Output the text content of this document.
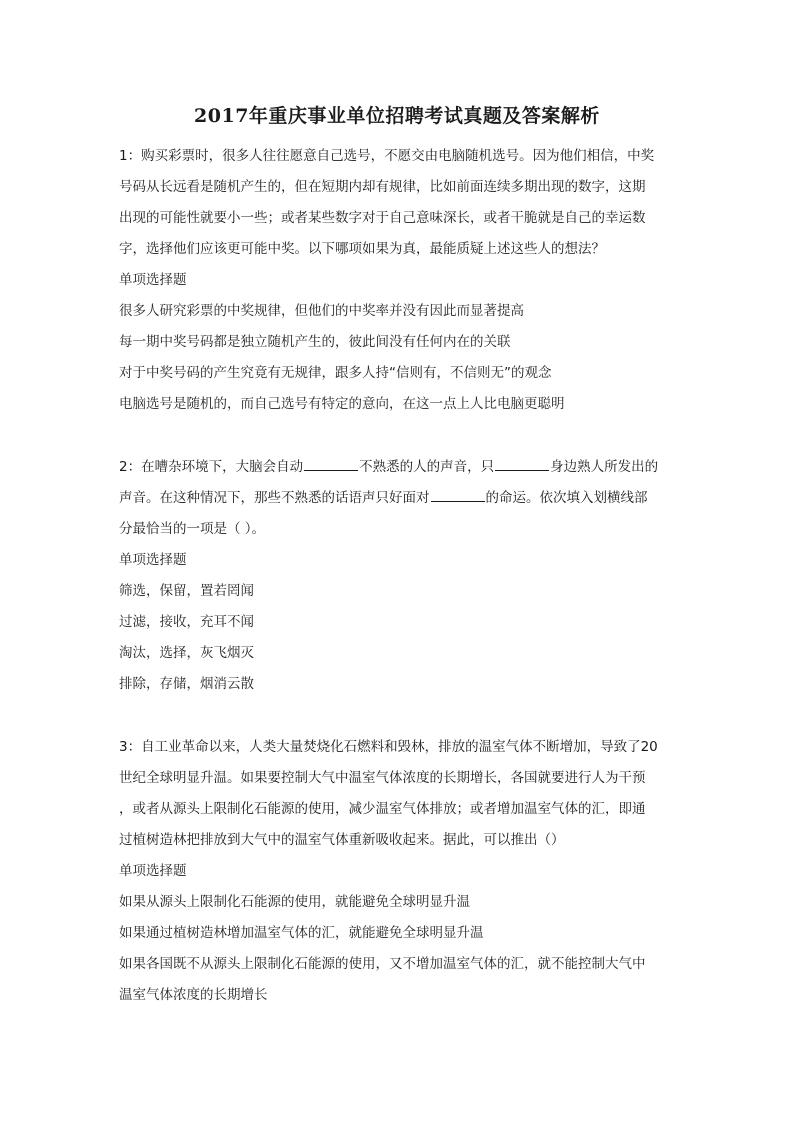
2017年重庆事业单位招聘考试真题及答案解析
1：购买彩票时，很多人往往愿意自己选号，不愿交由电脑随机选号。因为他们相信，中奖
号码从长远看是随机产生的，但在短期内却有规律，比如前面连续多期出现的数字，这期
出现的可能性就要小一些；或者某些数字对于自己意味深长，或者干脆就是自己的幸运数
字，选择他们应该更可能中奖。以下哪项如果为真，最能质疑上述这些人的想法？
单项选择题
很多人研究彩票的中奖规律，但他们的中奖率并没有因此而显著提高
每一期中奖号码都是独立随机产生的，彼此间没有任何内在的关联
对于中奖号码的产生究竟有无规律，跟多人持“信则有，不信则无”的观念
电脑选号是随机的，而自己选号有特定的意向，在这一点上人比电脑更聪明
2：在嘈杂环境下，大脑会自动	不熟悉的人的声音，只	身边熟人所发出的
声音。在这种情况下，那些不熟悉的话语声只好面对	的命运。依次填入划横线部
分最恰当的一项是（ ）。
单项选择题
筛选，保留，置若罔闻
过滤，接收，充耳不闻
淘汰，选择，灰飞烟灭
排除，存储，烟消云散
3：自工业革命以来，人类大量焚烧化石燃料和毁林，排放的温室气体不断增加，导致了20
世纪全球明显升温。如果要控制大气中温室气体浓度的长期增长，各国就要进行人为干预
，或者从源头上限制化石能源的使用，减少温室气体排放；或者增加温室气体的汇，即通
过植树造林把排放到大气中的温室气体重新吸收起来。据此，可以推出（）
单项选择题
如果从源头上限制化石能源的使用，就能避免全球明显升温
如果通过植树造林增加温室气体的汇，就能避免全球明显升温
如果各国既不从源头上限制化石能源的使用，又不增加温室气体的汇，就不能控制大气中
温室气体浓度的长期增长
